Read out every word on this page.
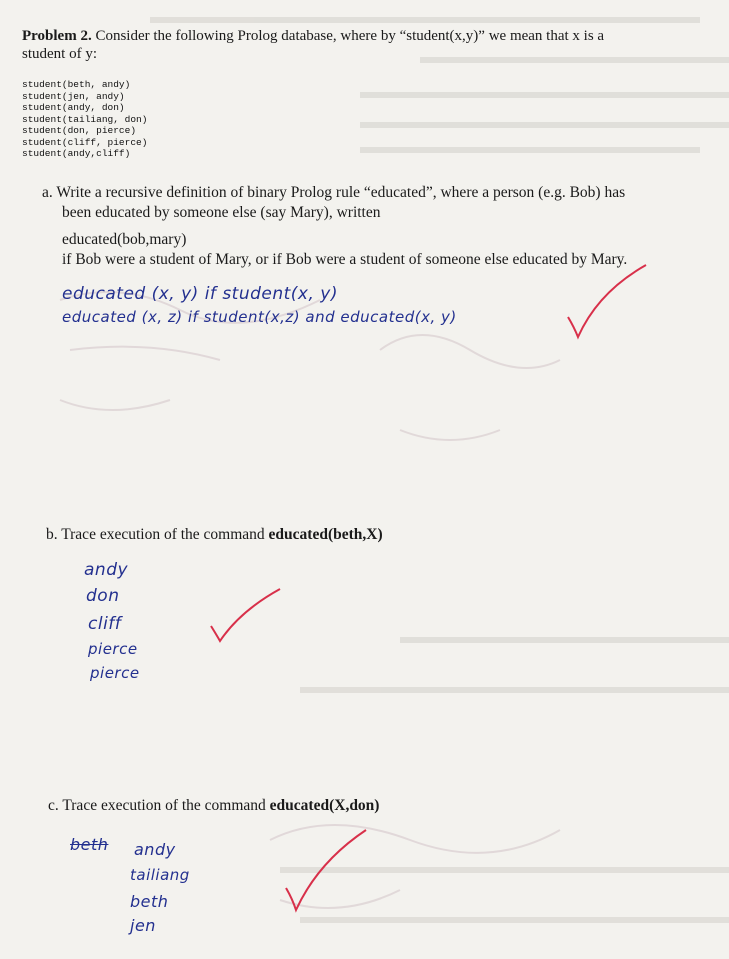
Problem 2. Consider the following Prolog database, where by “student(x,y)” we mean that x is a
student of y:
student(beth, andy)
student(jen, andy)
student(andy, don)
student(tailiang, don)
student(don, pierce)
student(cliff, pierce)
student(andy,cliff)
a. Write a recursive definition of binary Prolog rule “educated”, where a person (e.g. Bob) has
been educated by someone else (say Mary), written
educated(bob,mary)
if Bob were a student of Mary, or if Bob were a student of someone else educated by Mary.
educated (x, y) if student(x, y)
educated (x, z) if student(x,z) and educated(x, y)
b. Trace execution of the command educated(beth,X)
andy
don
cliff
pierce
pierce
c. Trace execution of the command educated(X,don)
beth andy
tailiang
beth
jen
